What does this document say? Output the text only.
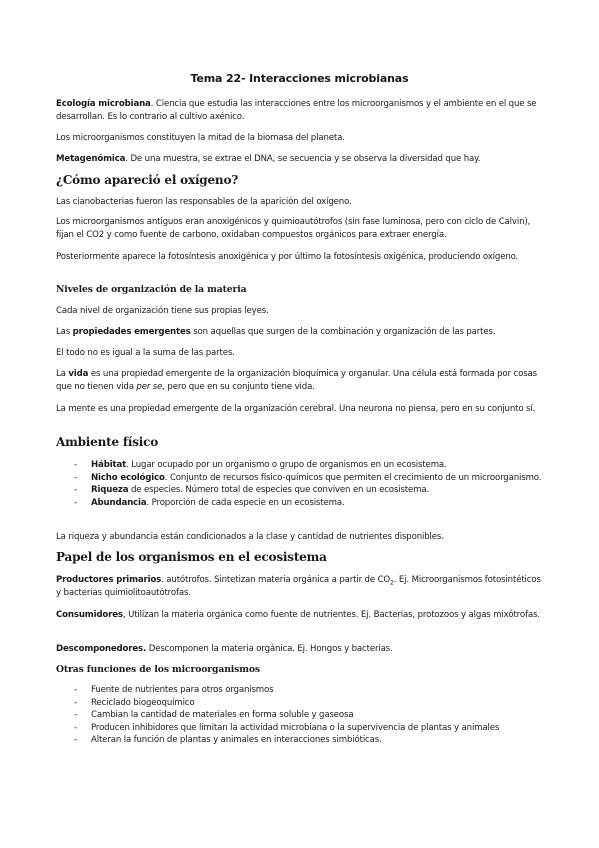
Tema 22- Interacciones microbianas

Ecología microbiana. Ciencia que estudia las interacciones entre los microorganismos y el ambiente en el que se desarrollan. Es lo contrario al cultivo axénico.

Los microorganismos constituyen la mitad de la biomasa del planeta.

Metagenómica. De una muestra, se extrae el DNA, se secuencia y se observa la diversidad que hay.

¿Cómo apareció el oxígeno?

Las cianobacterias fueron las responsables de la aparición del oxígeno.

Los microorganismos antiguos eran anoxigénicos y quimioautótrofos (sin fase luminosa, pero con ciclo de Calvin), fijan el CO2 y como fuente de carbono, oxidaban compuestos orgánicos para extraer energía.

Posteriormente aparece la fotosíntesis anoxigénica y por último la fotosíntesis oxigénica, produciendo oxígeno.

Niveles de organización de la materia

Cada nivel de organización tiene sus propias leyes.

Las propiedades emergentes son aquellas que surgen de la combinación y organización de las partes.

El todo no es igual a la suma de las partes.

La vida es una propiedad emergente de la organización bioquímica y organular. Una célula está formada por cosas que no tienen vida per se, pero que en su conjunto tiene vida.

La mente es una propiedad emergente de la organización cerebral. Una neurona no piensa, pero en su conjunto sí.

Ambiente físico
- Hábitat. Lugar ocupado por un organismo o grupo de organismos en un ecosistema.
- Nicho ecológico. Conjunto de recursos físico-químicos que permiten el crecimiento de un microorganismo.
- Riqueza de especies. Número total de especies que conviven en un ecosistema.
- Abundancia. Proporción de cada especie en un ecosistema.

La riqueza y abundancia están condicionados a la clase y cantidad de nutrientes disponibles.

Papel de los organismos en el ecosistema

Productores primarios. autótrofos. Sintetizan materia orgánica a partir de $CO_2$. Ej. Microorganismos fotosintéticos y bacterias quimiolitoautótrofas.

Consumidores, Utilizan la materia orgánica como fuente de nutrientes. Ej. Bacterias, protozoos y algas mixótrofas.

Descomponedores. Descomponen la materia orgánica. Ej. Hongos y bacterias.

Otras funciones de los microorganismos
- Fuente de nutrientes para otros organismos
- Reciclado biogeoquímico
- Cambian la cantidad de materiales en forma soluble y gaseosa
- Producen inhibidores que limitan la actividad microbiana o la supervivencia de plantas y animales
- Alteran la función de plantas y animales en interacciones simbióticas.
